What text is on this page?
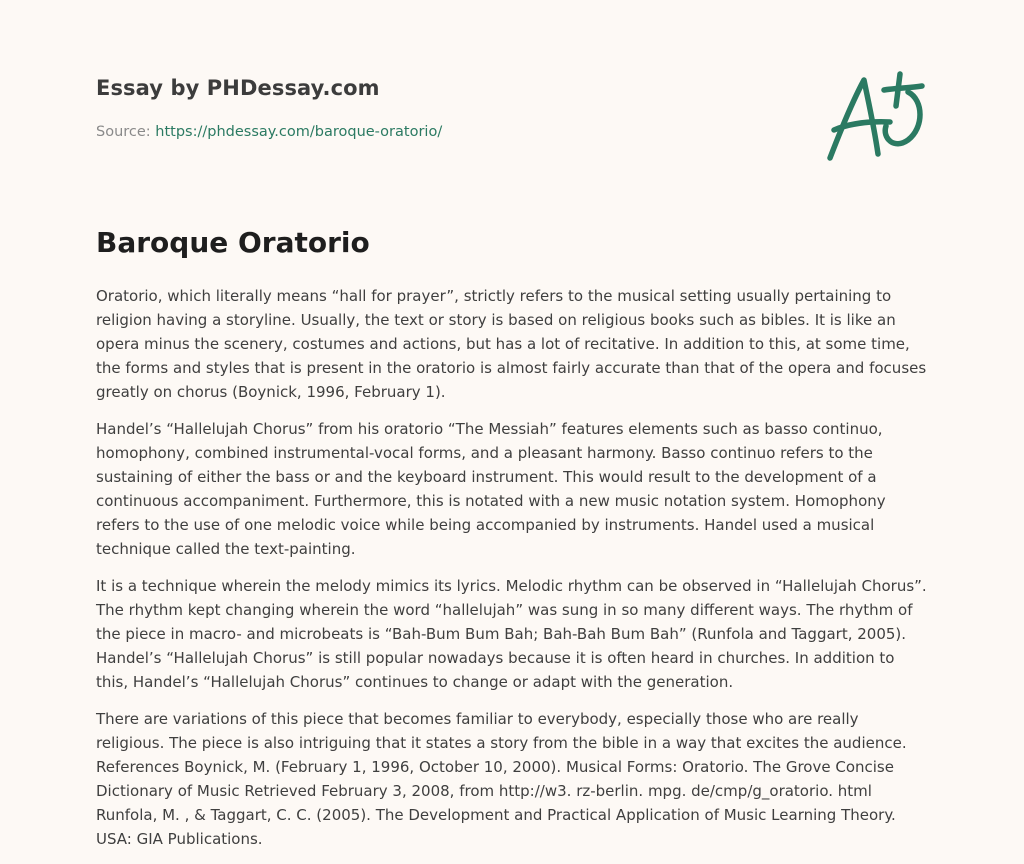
Essay by PHDessay.com
Source: https://phdessay.com/baroque-oratorio/
Baroque Oratorio

Oratorio, which literally means “hall for prayer”, strictly refers to the musical setting usually pertaining to religion having a storyline. Usually, the text or story is based on religious books such as bibles. It is like an opera minus the scenery, costumes and actions, but has a lot of recitative. In addition to this, at some time, the forms and styles that is present in the oratorio is almost fairly accurate than that of the opera and focuses greatly on chorus (Boynick, 1996, February 1).

Handel’s “Hallelujah Chorus” from his oratorio “The Messiah” features elements such as basso continuo, homophony, combined instrumental-vocal forms, and a pleasant harmony. Basso continuo refers to the sustaining of either the bass or and the keyboard instrument. This would result to the development of a continuous accompaniment. Furthermore, this is notated with a new music notation system. Homophony refers to the use of one melodic voice while being accompanied by instruments. Handel used a musical technique called the text-painting.

It is a technique wherein the melody mimics its lyrics. Melodic rhythm can be observed in “Hallelujah Chorus”. The rhythm kept changing wherein the word “hallelujah” was sung in so many different ways. The rhythm of the piece in macro- and microbeats is “Bah-Bum Bum Bah; Bah-Bah Bum Bah” (Runfola and Taggart, 2005). Handel’s “Hallelujah Chorus” is still popular nowadays because it is often heard in churches. In addition to this, Handel’s “Hallelujah Chorus” continues to change or adapt with the generation.

There are variations of this piece that becomes familiar to everybody, especially those who are really religious. The piece is also intriguing that it states a story from the bible in a way that excites the audience. References Boynick, M. (February 1, 1996, October 10, 2000). Musical Forms: Oratorio. The Grove Concise Dictionary of Music Retrieved February 3, 2008, from http://w3. rz-berlin. mpg. de/cmp/g_oratorio. html Runfola, M. , & Taggart, C. C. (2005). The Development and Practical Application of Music Learning Theory. USA: GIA Publications.
